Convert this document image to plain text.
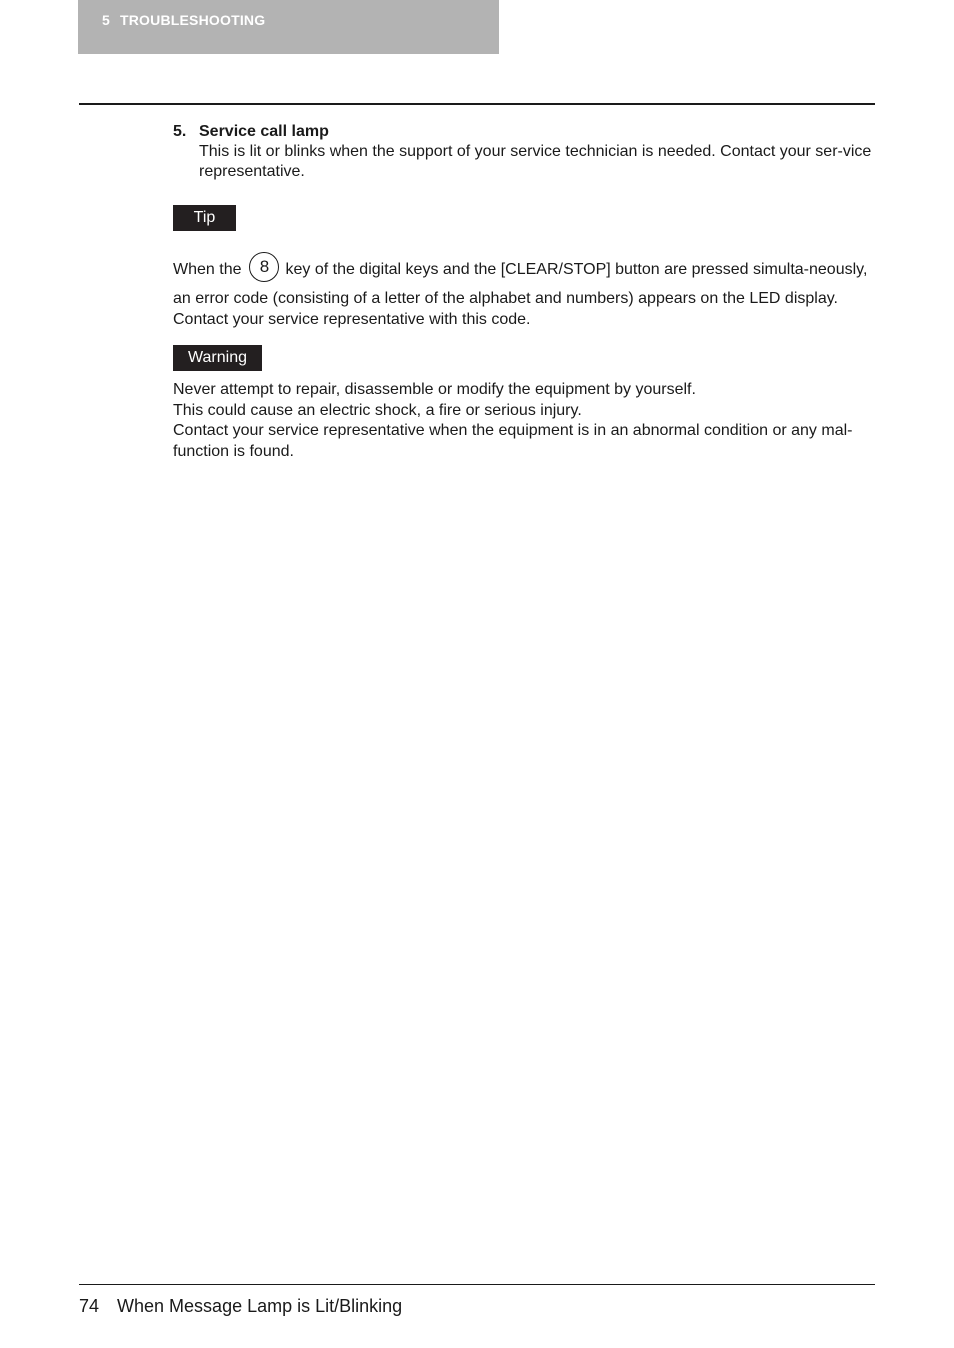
5 TROUBLESHOOTING
5. Service call lamp
This is lit or blinks when the support of your service technician is needed. Contact your ser-vice representative.
Tip
When the 8 key of the digital keys and the [CLEAR/STOP] button are pressed simulta-neously, an error code (consisting of a letter of the alphabet and numbers) appears on the LED display. Contact your service representative with this code.
Warning

Never attempt to repair, disassemble or modify the equipment by yourself.

This could cause an electric shock, a fire or serious injury.

Contact your service representative when the equipment is in an abnormal condition or any mal-function is found.

74 When Message Lamp is Lit/Blinking
